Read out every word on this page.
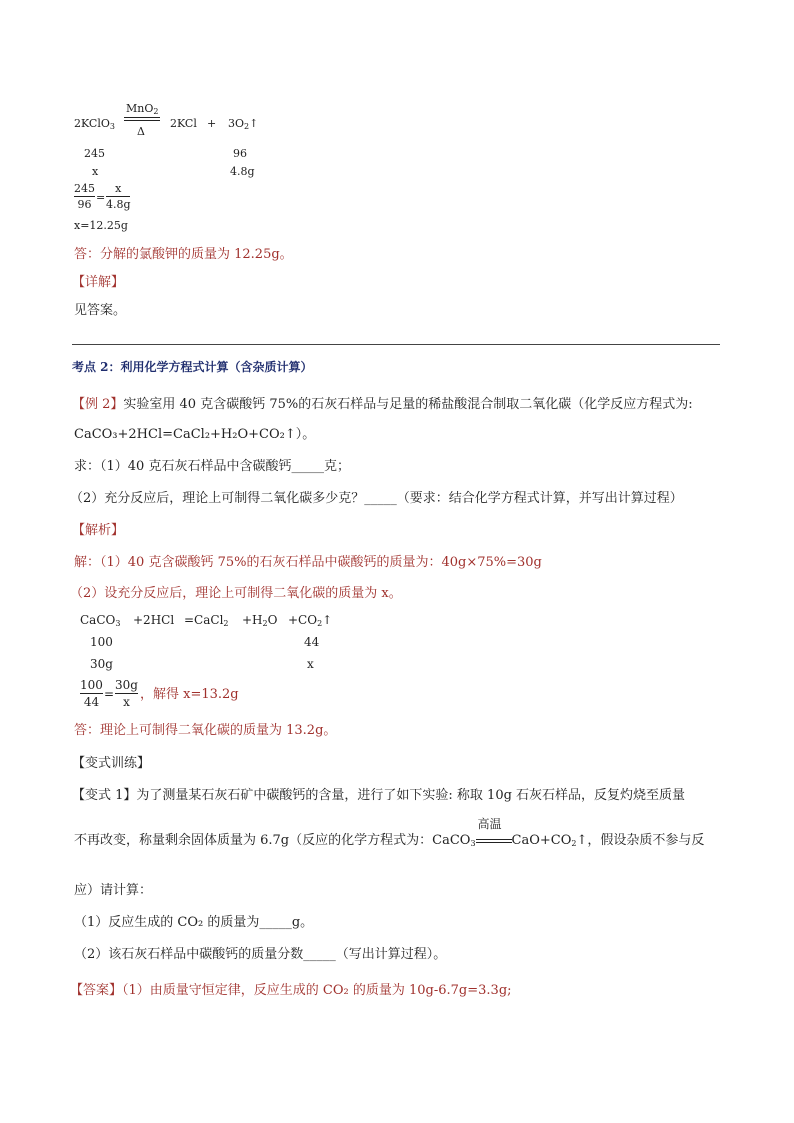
2KClO$_3$
MnO$_2$
Δ
$2KCl + 3O_2↑$
245	96
x	4.8g
245
96
=
x
4.8g
x=12.25g
答：分解的氯酸钾的质量为 12.25g。
【详解】
见答案。
考点 2：利用化学方程式计算（含杂质计算）
【例 2】实验室用 40 克含碳酸钙 75%的石灰石样品与足量的稀盐酸混合制取二氧化碳（化学反应方程式为:
CaCO₃+2HCl=CaCl₂+H₂O+CO₂↑）。
求：（1）40 克石灰石样品中含碳酸钙_____克；
（2）充分反应后，理论上可制得二氧化碳多少克？_____（要求：结合化学方程式计算，并写出计算过程）
【解析】
解：（1）40 克含碳酸钙 75%的石灰石样品中碳酸钙的质量为：40g×75%=30g
（2）设充分反应后，理论上可制得二氧化碳的质量为 x。
CaCO$_3$ +2HCl =CaCl$_2$ $+H_2O$ $+CO_2↑$
100	44
30g	x
100
44
=
30g
x ，解得 x=13.2g
答：理论上可制得二氧化碳的质量为 13.2g。
【变式训练】
【变式 1】为了测量某石灰石矿中碳酸钙的含量，进行了如下实验: 称取 10g 石灰石样品，反复灼烧至质量
不再改变，称量剩余固体质量为 6.7g（反应的化学方程式为：CaCO$_3$
高温
$CaO+CO_2↑$，假设杂质不参与反
应）请计算：
（1）反应生成的 CO₂ 的质量为_____g。
（2）该石灰石样品中碳酸钙的质量分数_____（写出计算过程）。
【答案】（1）由质量守恒定律，反应生成的 CO₂ 的质量为 10g-6.7g=3.3g;
